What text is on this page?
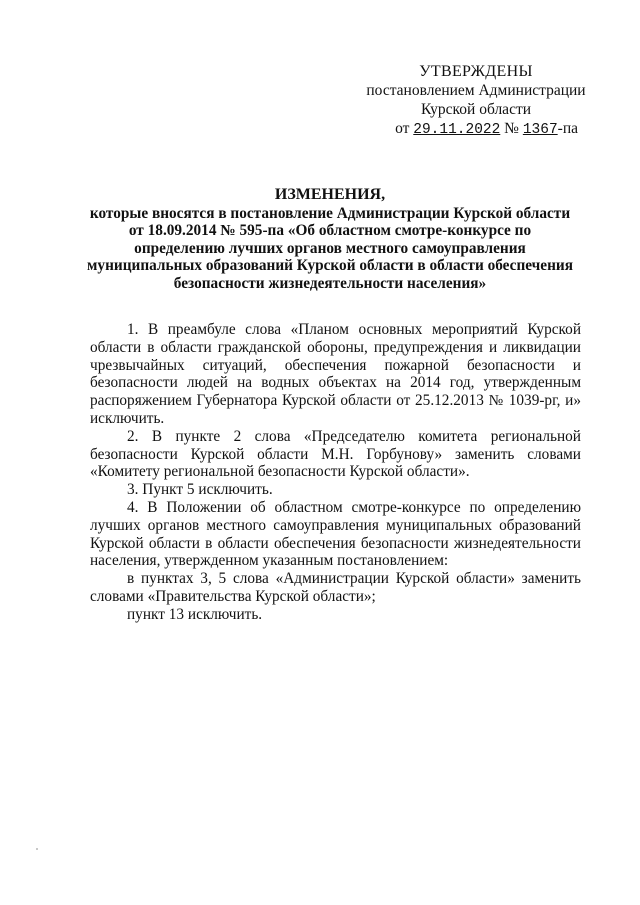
УТВЕРЖДЕНЫ
постановлением Администрации
Курской области
от 29.11.2022 № 1367-па
ИЗМЕНЕНИЯ,
которые вносятся в постановление Администрации Курской области
от 18.09.2014 № 595-па «Об областном смотре-конкурсе по
определению лучших органов местного самоуправления
муниципальных образований Курской области в области обеспечения
безопасности жизнедеятельности населения»

1. В преамбуле слова «Планом основных мероприятий Курской области в области гражданской обороны, предупреждения и ликвидации чрезвычайных ситуаций, обеспечения пожарной безопасности и безопасности людей на водных объектах на 2014 год, утвержденным распоряжением Губернатора Курской области от 25.12.2013 № 1039-рг, и» исключить.

2. В пункте 2 слова «Председателю комитета региональной безопасности Курской области М.Н. Горбунову» заменить словами «Комитету региональной безопасности Курской области».

3. Пункт 5 исключить.

4. В Положении об областном смотре-конкурсе по определению лучших органов местного самоуправления муниципальных образований Курской области в области обеспечения безопасности жизнедеятельности населения, утвержденном указанным постановлением:

в пунктах 3, 5 слова «Администрации Курской области» заменить словами «Правительства Курской области»;

пункт 13 исключить.
